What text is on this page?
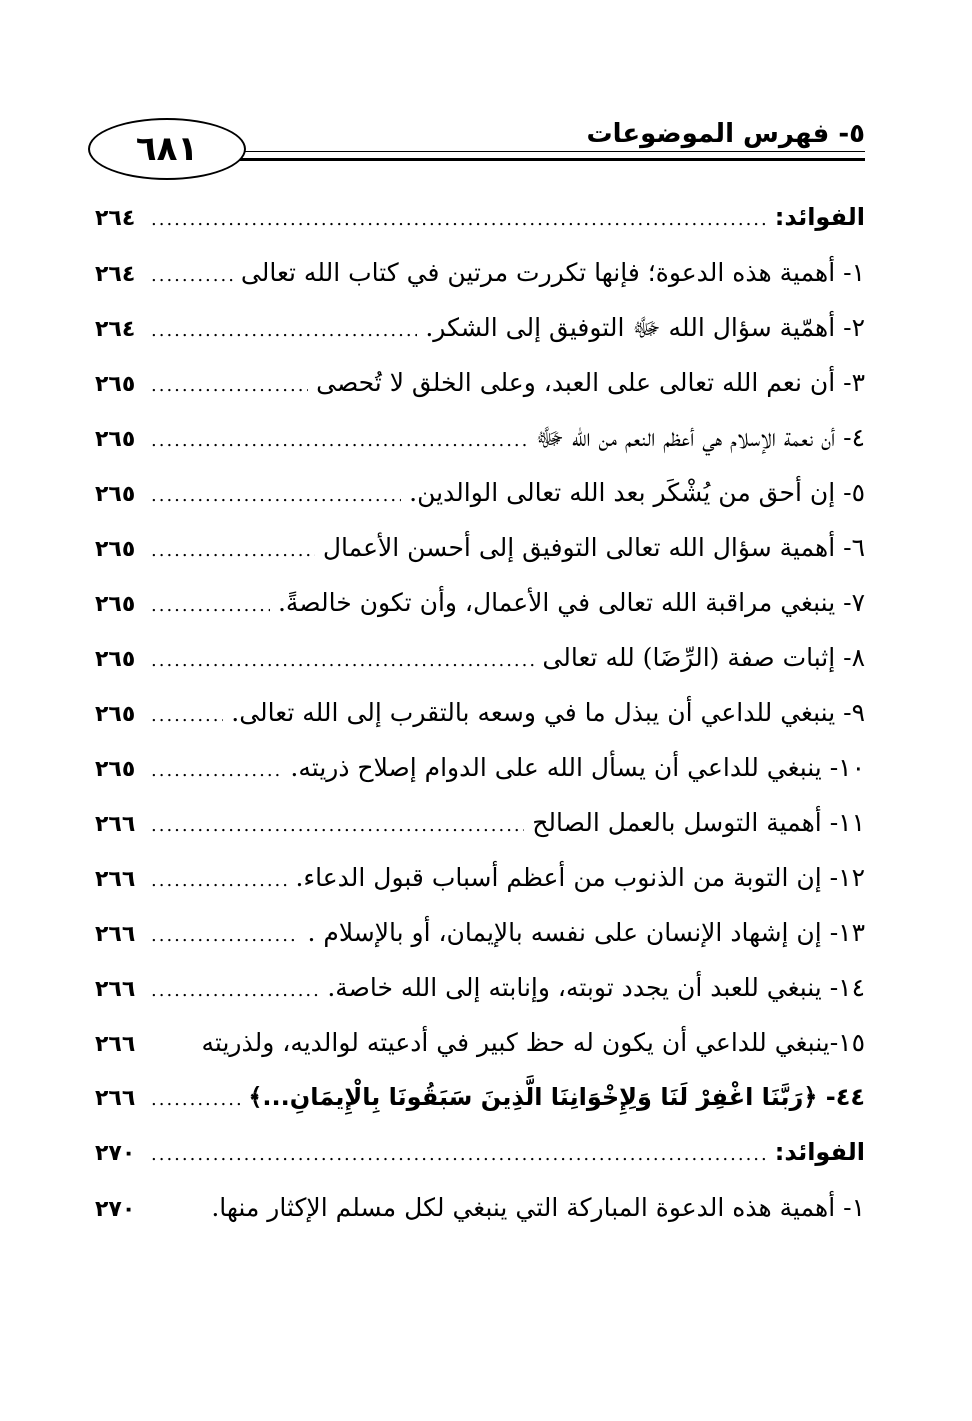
٦٨١	٥- فهرس الموضوعات
الفوائد:
.....
٢٦٤
١- أهمية هذه الدعوة؛ فإنها تكررت مرتين في كتاب الله تعالى
.....
٢٦٤
٢- أهمّية سؤال الله ﷻ التوفيق إلى الشكر.
.....
٢٦٤
٣- أن نعم الله تعالى على العبد، وعلى الخلق لا تُحصى
.....
٢٦٥
٤- أن نعمة الإسلام هي أعظم النعم من الله ﷻ
.....
٢٦٥
٥- إن أحق من يُشْكَر بعد الله تعالى الوالدين.
.....
٢٦٥
٦- أهمية سؤال الله تعالى التوفيق إلى أحسن الأعمال
.....
٢٦٥
٧- ينبغي مراقبة الله تعالى في الأعمال، وأن تكون خالصةً.
.....
٢٦٥
٨- إثبات صفة (الرِّضَا) لله تعالى
.....
٢٦٥
٩- ينبغي للداعي أن يبذل ما في وسعه بالتقرب إلى الله تعالى.
.....
٢٦٥
١٠- ينبغي للداعي أن يسأل الله على الدوام إصلاح ذريته.
.....
٢٦٥
١١- أهمية التوسل بالعمل الصالح
.....
٢٦٦
١٢- إن التوبة من الذنوب من أعظم أسباب قبول الدعاء.
.....
٢٦٦
١٣- إن إشهاد الإنسان على نفسه بالإيمان، أو بالإسلام .
.....
٢٦٦
١٤- ينبغي للعبد أن يجدد توبته، وإنابته إلى الله خاصة.
.....
٢٦٦
١٥-ينبغي للداعي أن يكون له حظ كبير في أدعيته لوالديه، ولذريته
٢٦٦
٤٤- ﴿رَبَّنَا اغْفِرْ لَنَا وَلِإِخْوَانِنَا الَّذِينَ سَبَقُونَا بِالْإِيمَانِ...﴾
.....
٢٦٦
الفوائد:
.....
٢٧٠
١- أهمية هذه الدعوة المباركة التي ينبغي لكل مسلم الإكثار منها.
٢٧٠
